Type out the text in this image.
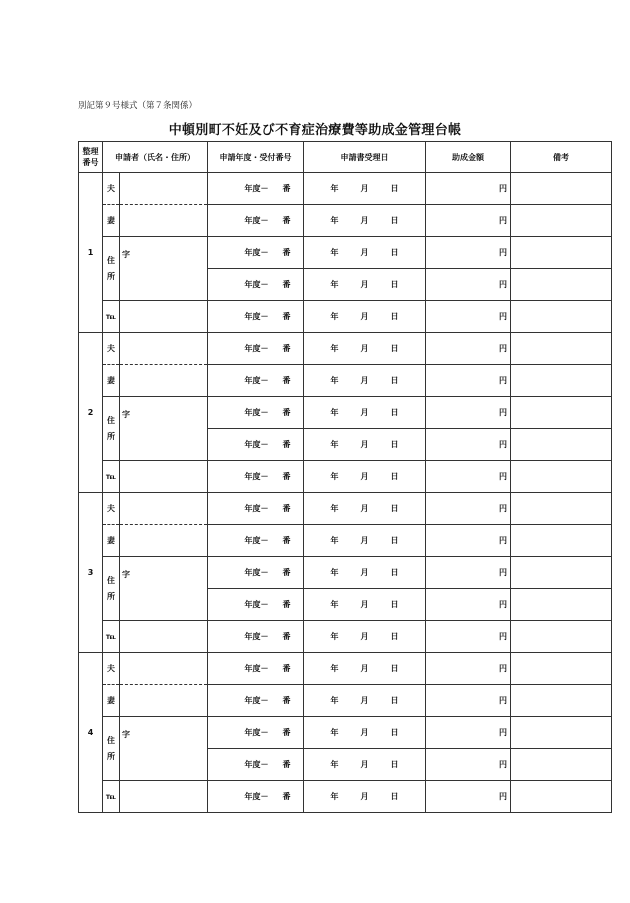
別記第９号様式（第７条関係）
中頓別町不妊及び不育症治療費等助成金管理台帳
整理
番号	申請者（氏名・住所）		申請年度・受付番号	申請書受理日	助成金額	備考
1	夫		年度－ 番	年 月 日	円	
	妻		年度－ 番	年 月 日	円	
	住
所	字	年度－ 番	年 月 日	円	
			年度－ 番	年 月 日	円	
	℡		年度－ 番	年 月 日	円	
2	夫		年度－ 番	年 月 日	円	
	妻		年度－ 番	年 月 日	円	
	住
所	字	年度－ 番	年 月 日	円	
			年度－ 番	年 月 日	円	
	℡		年度－ 番	年 月 日	円	
3	夫		年度－ 番	年 月 日	円	
	妻		年度－ 番	年 月 日	円	
	住
所	字	年度－ 番	年 月 日	円	
			年度－ 番	年 月 日	円	
	℡		年度－ 番	年 月 日	円	
4	夫		年度－ 番	年 月 日	円	
	妻		年度－ 番	年 月 日	円	
	住
所	字	年度－ 番	年 月 日	円	
			年度－ 番	年 月 日	円	
	℡		年度－ 番	年 月 日	円	
